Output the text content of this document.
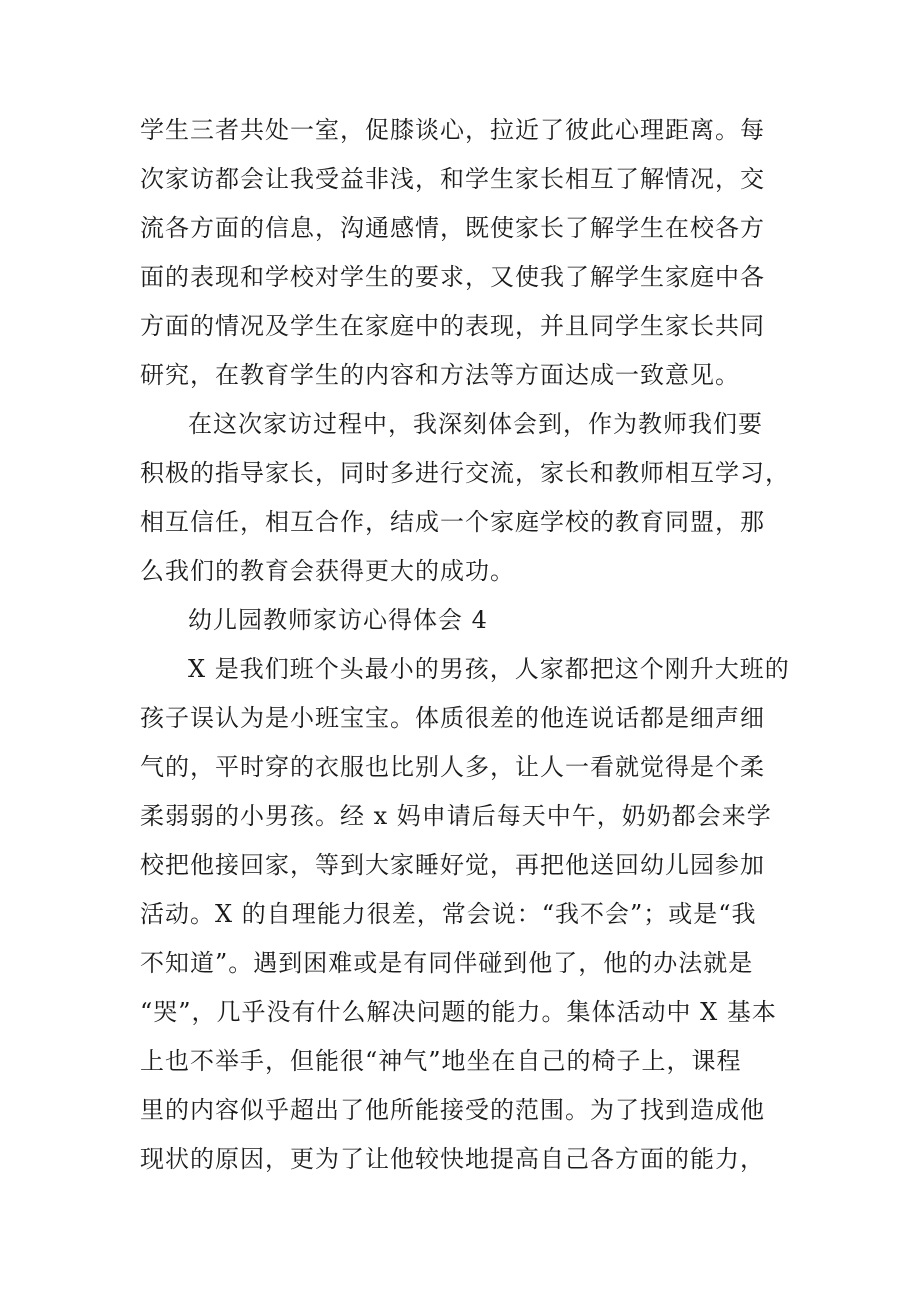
学生三者共处一室，促膝谈心，拉近了彼此心理距离。每
次家访都会让我受益非浅，和学生家长相互了解情况，交
流各方面的信息，沟通感情，既使家长了解学生在校各方
面的表现和学校对学生的要求，又使我了解学生家庭中各
方面的情况及学生在家庭中的表现，并且同学生家长共同
研究，在教育学生的内容和方法等方面达成一致意见。
在这次家访过程中，我深刻体会到，作为教师我们要
积极的指导家长，同时多进行交流，家长和教师相互学习，
相互信任，相互合作，结成一个家庭学校的教育同盟，那
么我们的教育会获得更大的成功。
幼儿园教师家访心得体会 4
X 是我们班个头最小的男孩，人家都把这个刚升大班的
孩子误认为是小班宝宝。体质很差的他连说话都是细声细
气的，平时穿的衣服也比别人多，让人一看就觉得是个柔
柔弱弱的小男孩。经 x 妈申请后每天中午，奶奶都会来学
校把他接回家，等到大家睡好觉，再把他送回幼儿园参加
活动。X 的自理能力很差，常会说：“我不会”；或是“我
不知道”。遇到困难或是有同伴碰到他了，他的办法就是
“哭”，几乎没有什么解决问题的能力。集体活动中 X 基本
上也不举手，但能很“神气”地坐在自己的椅子上，课程
里的内容似乎超出了他所能接受的范围。为了找到造成他
现状的原因，更为了让他较快地提高自己各方面的能力，
